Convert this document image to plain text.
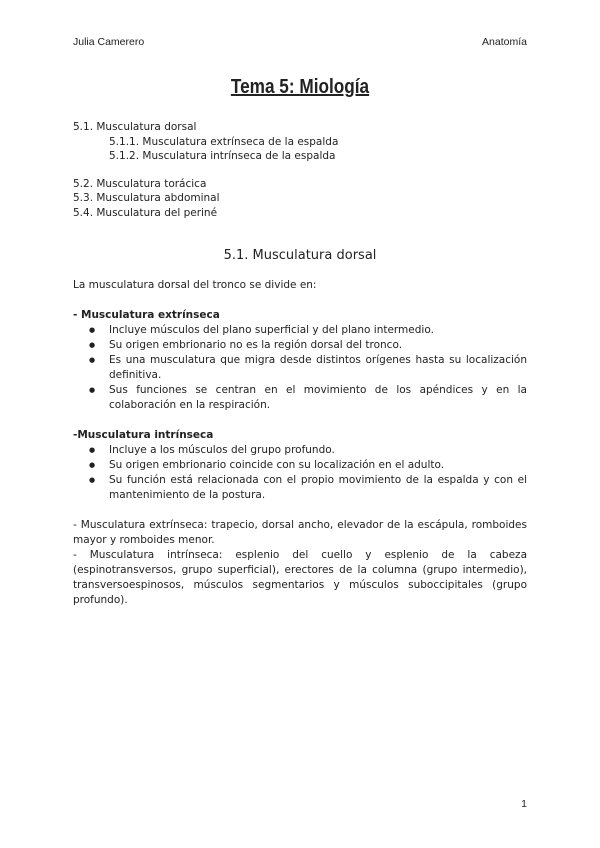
Julia Camerero	Anatomía
Tema 5: Miología
5.1. Musculatura dorsal
5.1.1. Musculatura extrínseca de la espalda
5.1.2. Musculatura intrínseca de la espalda
5.2. Musculatura torácica
5.3. Musculatura abdominal
5.4. Musculatura del periné
5.1. Musculatura dorsal

La musculatura dorsal del tronco se divide en:

- Musculatura extrínseca

● Incluye músculos del plano superficial y del plano intermedio.
● Su origen embrionario no es la región dorsal del tronco.
● Es una musculatura que migra desde distintos orígenes hasta su localización definitiva.
● Sus funciones se centran en el movimiento de los apéndices y en la colaboración en la respiración.

-Musculatura intrínseca

● Incluye a los músculos del grupo profundo.
● Su origen embrionario coincide con su localización en el adulto.
● Su función está relacionada con el propio movimiento de la espalda y con el mantenimiento de la postura.

- Musculatura extrínseca: trapecio, dorsal ancho, elevador de la escápula, romboides mayor y romboides menor.

- Musculatura intrínseca: esplenio del cuello y esplenio de la cabeza (espinotransversos, grupo superficial), erectores de la columna (grupo intermedio), transversoespinosos, músculos segmentarios y músculos suboccipitales (grupo profundo).

1
